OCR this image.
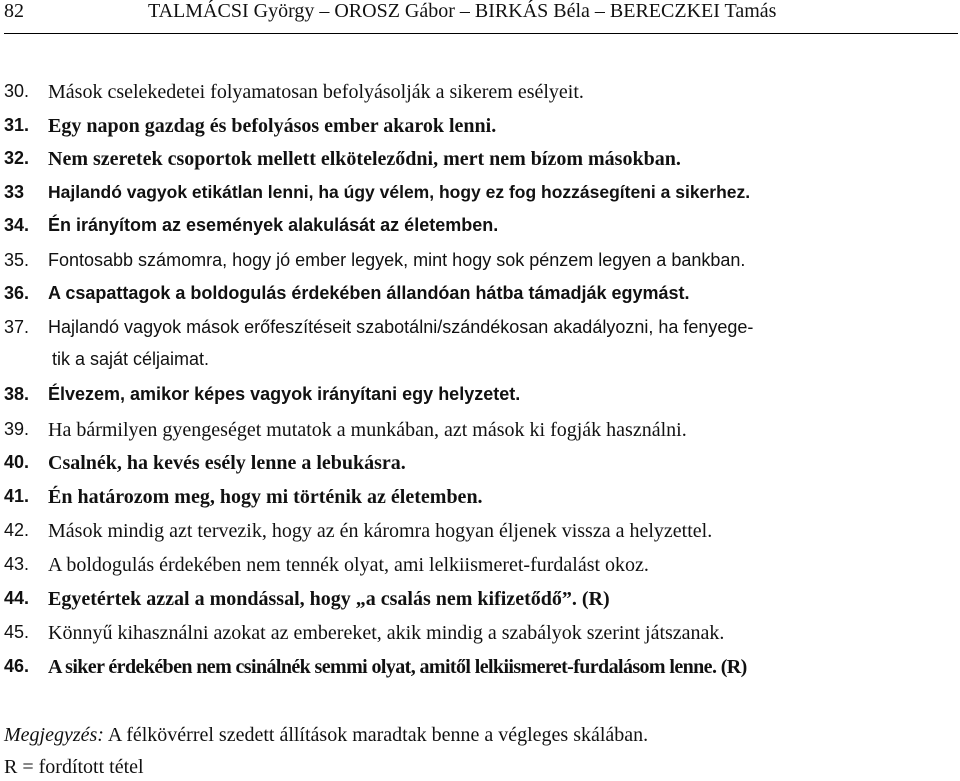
82	TALMÁCSI György – OROSZ Gábor – BIRKÁS Béla – BERECZKEI Tamás
30. Mások cselekedetei folyamatosan befolyásolják a sikerem esélyeit.
31. Egy napon gazdag és befolyásos ember akarok lenni.
32. Nem szeretek csoportok mellett elköteleződni, mert nem bízom másokban.
33 Hajlandó vagyok etikátlan lenni, ha úgy vélem, hogy ez fog hozzásegíteni a sikerhez.
34. Én irányítom az események alakulását az életemben.
35. Fontosabb számomra, hogy jó ember legyek, mint hogy sok pénzem legyen a bankban.
36. A csapattagok a boldogulás érdekében állandóan hátba támadják egymást.
37. Hajlandó vagyok mások erőfeszítéseit szabotálni/szándékosan akadályozni, ha fenyege-
tik a saját céljaimat.
38. Élvezem, amikor képes vagyok irányítani egy helyzetet.
39. Ha bármilyen gyengeséget mutatok a munkában, azt mások ki fogják használni.
40. Csalnék, ha kevés esély lenne a lebukásra.
41. Én határozom meg, hogy mi történik az életemben.
42. Mások mindig azt tervezik, hogy az én káromra hogyan éljenek vissza a helyzettel.
43. A boldogulás érdekében nem tennék olyat, ami lelkiismeret-furdalást okoz.
44. Egyetértek azzal a mondással, hogy „a csalás nem kifizetődő”. (R)
45. Könnyű kihasználni azokat az embereket, akik mindig a szabályok szerint játszanak.
46. A siker érdekében nem csinálnék semmi olyat, amitől lelkiismeret-furdalásom lenne. (R)
Megjegyzés: A félkövérrel szedett állítások maradtak benne a végleges skálában.
R = fordított tétel
